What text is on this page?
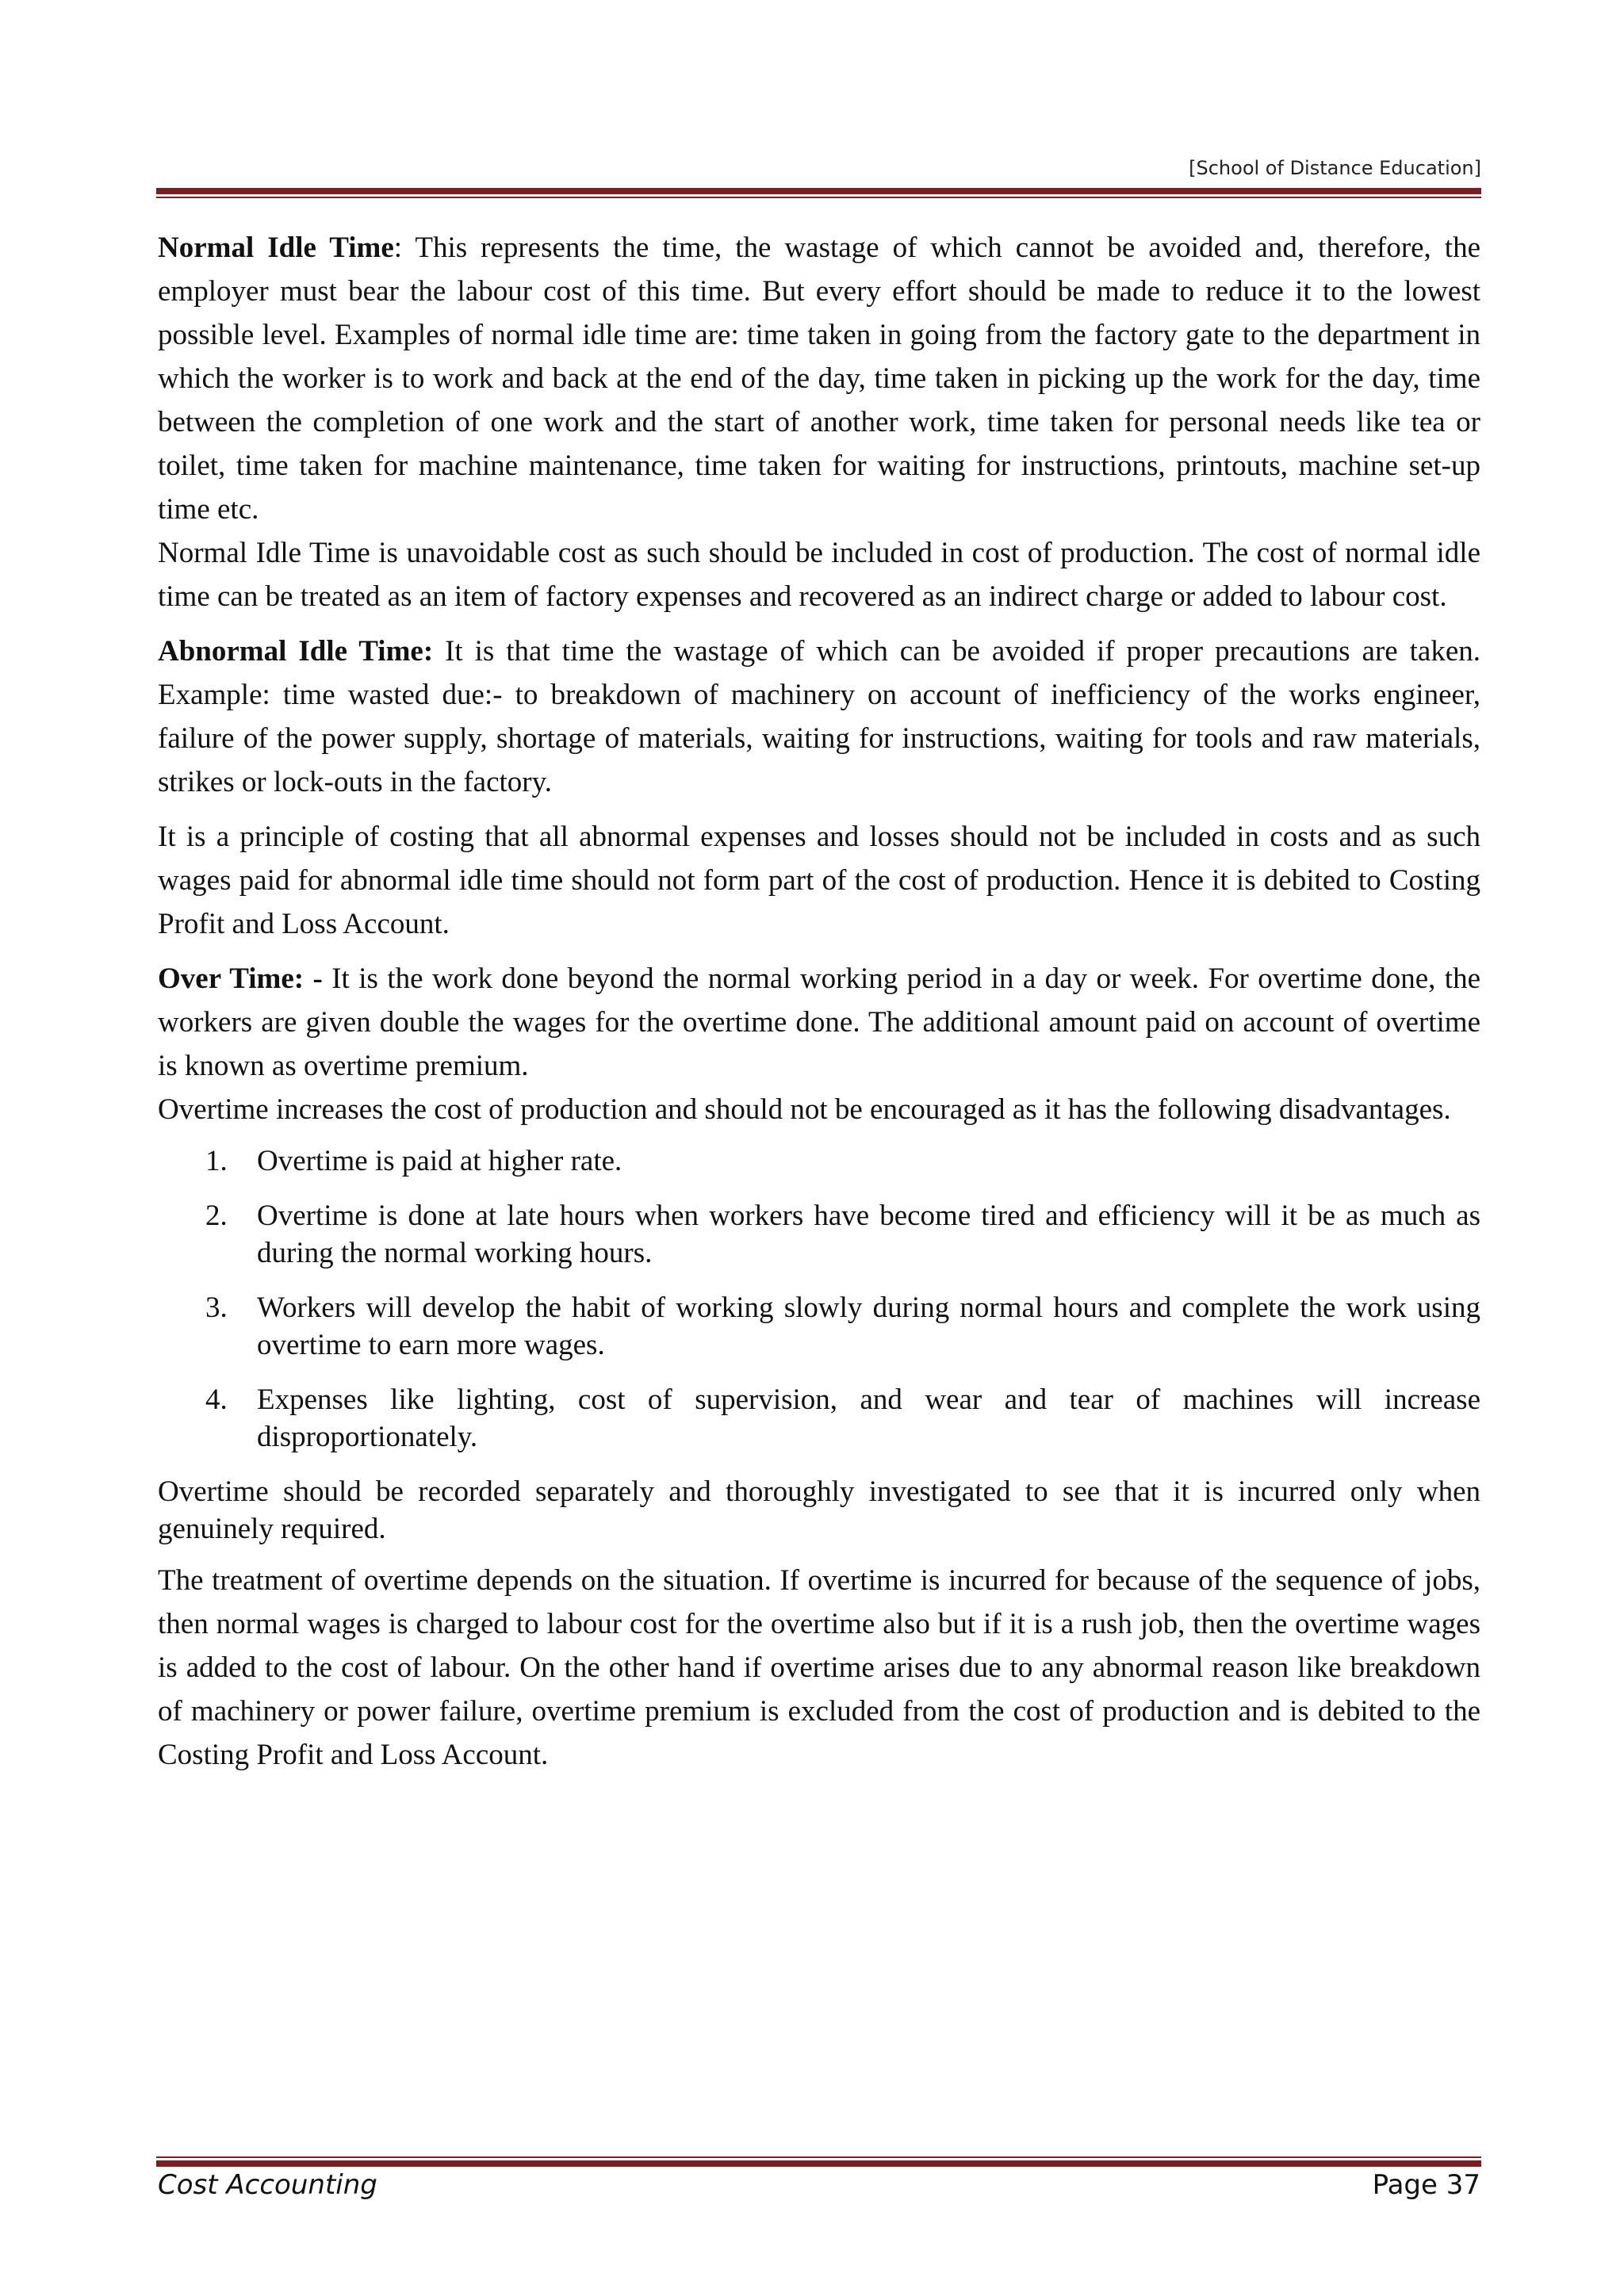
[School of Distance Education]

Normal Idle Time: This represents the time, the wastage of which cannot be avoided and, therefore, the employer must bear the labour cost of this time. But every effort should be made to reduce it to the lowest possible level. Examples of normal idle time are: time taken in going from the factory gate to the department in which the worker is to work and back at the end of the day, time taken in picking up the work for the day, time between the completion of one work and the start of another work, time taken for personal needs like tea or toilet, time taken for machine maintenance, time taken for waiting for instructions, printouts, machine set-up time etc.

Normal Idle Time is unavoidable cost as such should be included in cost of production. The cost of normal idle time can be treated as an item of factory expenses and recovered as an indirect charge or added to labour cost.

Abnormal Idle Time: It is that time the wastage of which can be avoided if proper precautions are taken. Example: time wasted due:- to breakdown of machinery on account of inefficiency of the works engineer, failure of the power supply, shortage of materials, waiting for instructions, waiting for tools and raw materials, strikes or lock-outs in the factory.

It is a principle of costing that all abnormal expenses and losses should not be included in costs and as such wages paid for abnormal idle time should not form part of the cost of production. Hence it is debited to Costing Profit and Loss Account.

Over Time: - It is the work done beyond the normal working period in a day or week. For overtime done, the workers are given double the wages for the overtime done. The additional amount paid on account of overtime is known as overtime premium.

Overtime increases the cost of production and should not be encouraged as it has the following disadvantages.

1. Overtime is paid at higher rate.
2. Overtime is done at late hours when workers have become tired and efficiency will it be as much as during the normal working hours.
3. Workers will develop the habit of working slowly during normal hours and complete the work using overtime to earn more wages.
4. Expenses like lighting, cost of supervision, and wear and tear of machines will increase disproportionately.

Overtime should be recorded separately and thoroughly investigated to see that it is incurred only when genuinely required.

The treatment of overtime depends on the situation. If overtime is incurred for because of the sequence of jobs, then normal wages is charged to labour cost for the overtime also but if it is a rush job, then the overtime wages is added to the cost of labour. On the other hand if overtime arises due to any abnormal reason like breakdown of machinery or power failure, overtime premium is excluded from the cost of production and is debited to the Costing Profit and Loss Account.

Cost Accounting	Page 37
